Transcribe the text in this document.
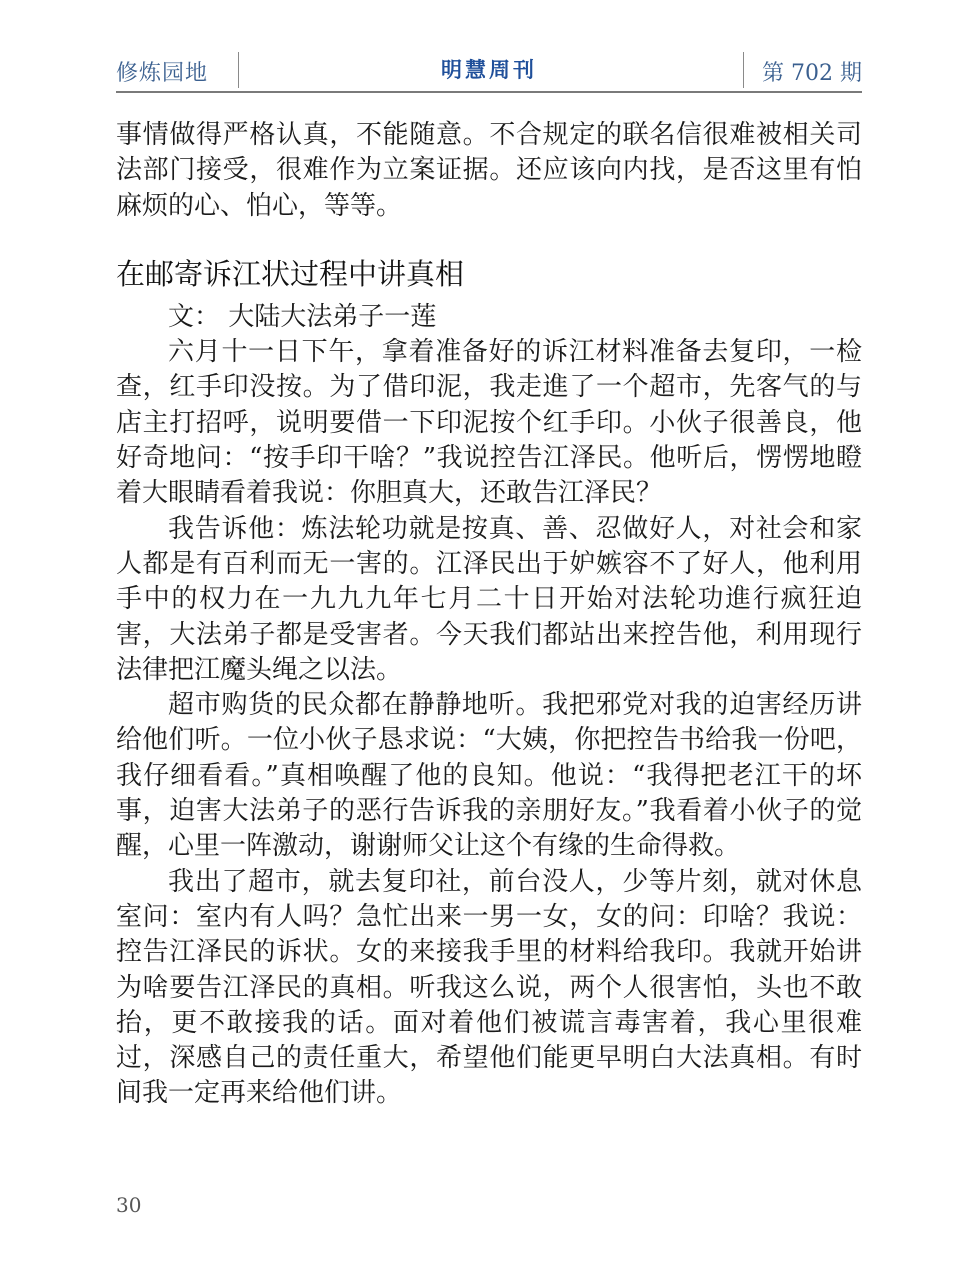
修炼园地	明慧周刊	第 702 期

事情做得严格认真，不能随意。不合规定的联名信很难被相关司法部门接受，很难作为立案证据。还应该向内找，是否这里有怕麻烦的心、怕心，等等。

在邮寄诉江状过程中讲真相

文： 大陆大法弟子一莲

六月十一日下午，拿着准备好的诉江材料准备去复印，一检查，红手印没按。为了借印泥，我走進了一个超市，先客气的与店主打招呼，说明要借一下印泥按个红手印。小伙子很善良，他好奇地问：“按手印干啥？”我说控告江泽民。他听后，愣愣地瞪着大眼睛看着我说：你胆真大，还敢告江泽民？

我告诉他：炼法轮功就是按真、善、忍做好人，对社会和家人都是有百利而无一害的。江泽民出于妒嫉容不了好人，他利用手中的权力在一九九九年七月二十日开始对法轮功進行疯狂迫害，大法弟子都是受害者。今天我们都站出来控告他，利用现行法律把江魔头绳之以法。

超市购货的民众都在静静地听。我把邪党对我的迫害经历讲给他们听。一位小伙子恳求说：“大姨，你把控告书给我一份吧，我仔细看看。”真相唤醒了他的良知。他说：“我得把老江干的坏事，迫害大法弟子的恶行告诉我的亲朋好友。”我看着小伙子的觉醒，心里一阵激动，谢谢师父让这个有缘的生命得救。

我出了超市，就去复印社，前台没人，少等片刻，就对休息室问：室内有人吗？急忙出来一男一女，女的问：印啥？我说：控告江泽民的诉状。女的来接我手里的材料给我印。我就开始讲为啥要告江泽民的真相。听我这么说，两个人很害怕，头也不敢抬，更不敢接我的话。面对着他们被谎言毒害着，我心里很难过，深感自己的责任重大，希望他们能更早明白大法真相。有时间我一定再来给他们讲。

30
